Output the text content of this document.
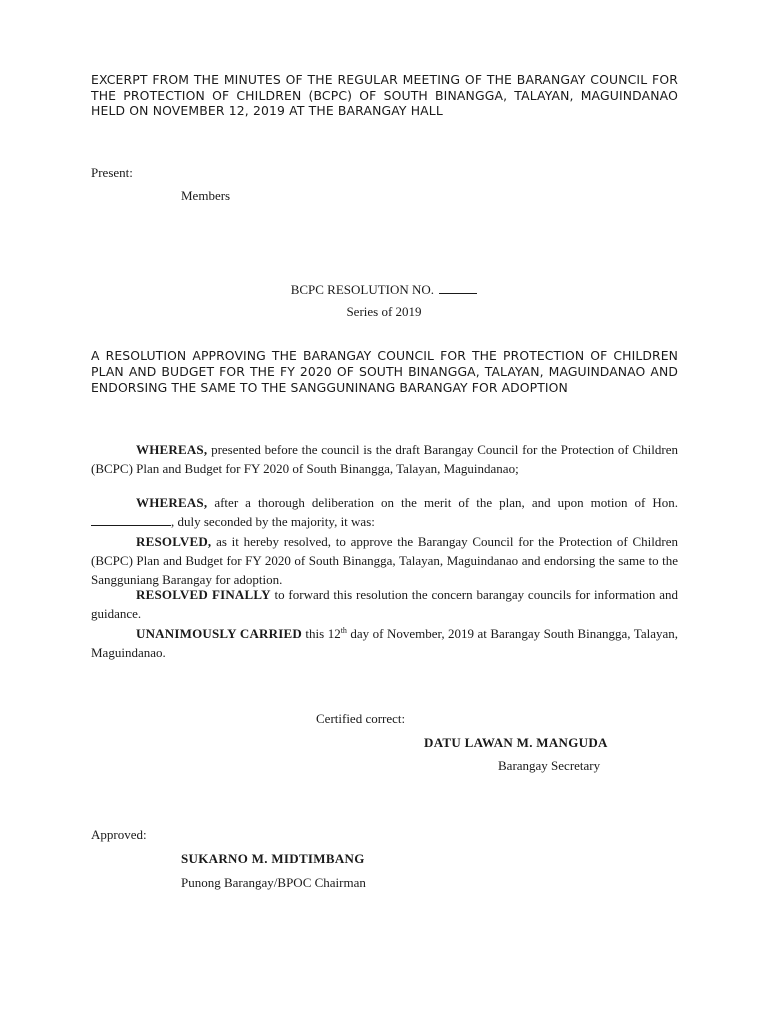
EXCERPT FROM THE MINUTES OF THE REGULAR MEETING OF THE BARANGAY COUNCIL FOR THE PROTECTION OF CHILDREN (BCPC) OF SOUTH BINANGGA, TALAYAN, MAGUINDANAO HELD ON NOVEMBER 12, 2019 AT THE BARANGAY HALL

Present:

Members

BCPC RESOLUTION NO.

Series of 2019

A RESOLUTION APPROVING THE BARANGAY COUNCIL FOR THE PROTECTION OF CHILDREN PLAN AND BUDGET FOR THE FY 2020 OF SOUTH BINANGGA, TALAYAN, MAGUINDANAO AND ENDORSING THE SAME TO THE SANGGUNINANG BARANGAY FOR ADOPTION

WHEREAS, presented before the council is the draft Barangay Council for the Protection of Children (BCPC) Plan and Budget for FY 2020 of South Binangga, Talayan, Maguindanao;

WHEREAS, after a thorough deliberation on the merit of the plan, and upon motion of Hon. , duly seconded by the majority, it was:

RESOLVED, as it hereby resolved, to approve the Barangay Council for the Protection of Children (BCPC) Plan and Budget for FY 2020 of South Binangga, Talayan, Maguindanao and endorsing the same to the Sangguniang Barangay for adoption.

RESOLVED FINALLY to forward this resolution the concern barangay councils for information and guidance.

UNANIMOUSLY CARRIED this 12th day of November, 2019 at Barangay South Binangga, Talayan, Maguindanao.

Certified correct:

DATU LAWAN M. MANGUDA

Barangay Secretary

Approved:

SUKARNO M. MIDTIMBANG

Punong Barangay/BPOC Chairman
